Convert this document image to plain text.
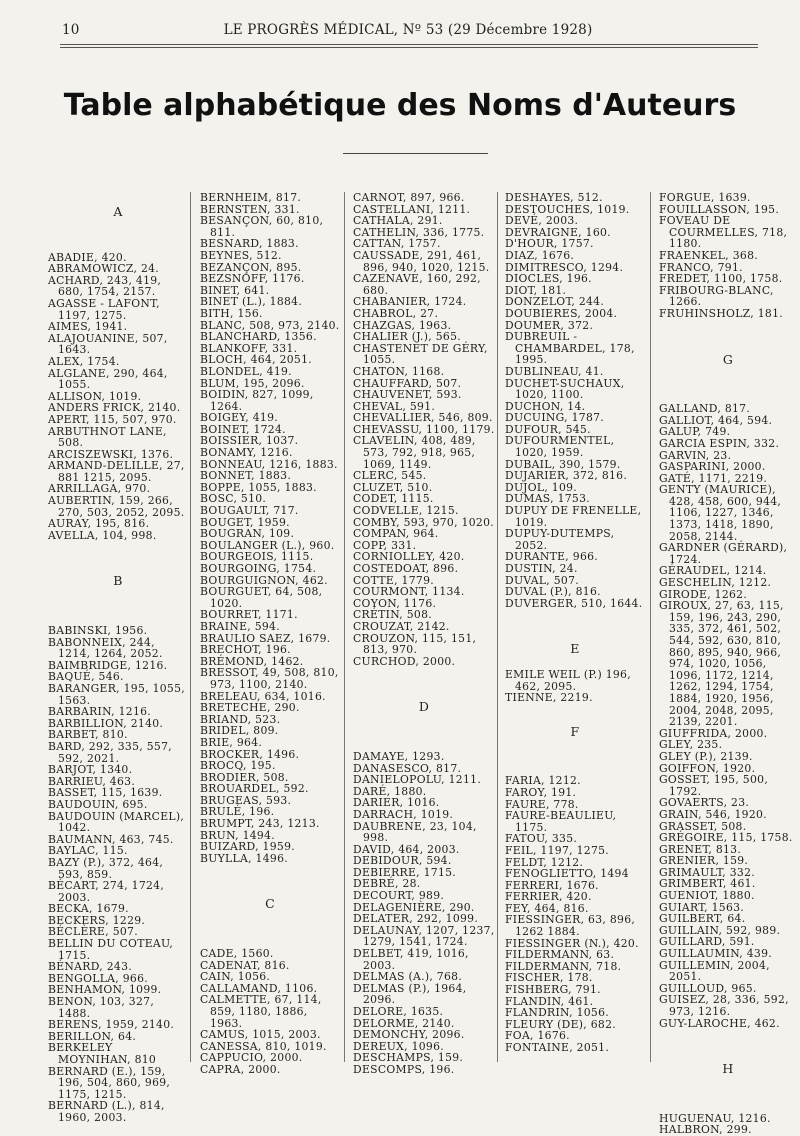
10	LE PROGRÈS MÉDICAL, Nº 53 (29 Décembre 1928)
Table alphabétique des Noms d'Auteurs

A

ABADIE, 420.

ABRAMOWICZ, 24.

ACHARD, 243, 419, 680, 1754, 2157.

AGASSE - LAFONT, 1197, 1275.

AIMES, 1941.

ALAJOUANINE, 507, 1643.

ALEX, 1754.

ALGLANE, 290, 464, 1055.

ALLISON, 1019.

ANDERS FRICK, 2140.

APERT, 115, 507, 970.

ARBUTHNOT LANE, 508.

ARCISZEWSKI, 1376.

ARMAND-DELILLE, 27, 881 1215, 2095.

ARRILLAGA, 970.

AUBERTIN, 159, 266, 270, 503, 2052, 2095.

AURAY, 195, 816.

AVELLA, 104, 998.

B

BABINSKI, 1956.

BABONNEIX, 244, 1214, 1264, 2052.

BAIMBRIDGE, 1216.

BAQUÉ, 546.

BARANGER, 195, 1055, 1563.

BARBARIN, 1216.

BARBILLION, 2140.

BARBET, 810.

BARD, 292, 335, 557, 592, 2021.

BARJOT, 1340.

BARRIEU, 463.

BASSET, 115, 1639.

BAUDOUIN, 695.

BAUDOUIN (MARCEL), 1042.

BAUMANN, 463, 745.

BAYLAC, 115.

BAZY (P.), 372, 464, 593, 859.

BÉCART, 274, 1724, 2003.

BECKA, 1679.

BECKERS, 1229.

BÉCLÈRE, 507.

BELLIN DU COTEAU, 1715.

BÉNARD, 243.

BENGOLLA, 966.

BENHAMON, 1099.

BENON, 103, 327, 1488.

BERENS, 1959, 2140.

BERILLON, 64.

BERKELEY MOYNIHAN, 810

BERNARD (E.), 159, 196, 504, 860, 969, 1175, 1215.

BERNARD (L.), 814, 1960, 2003.

BERNHEIM, 817.

BERNSTEN, 331.

BESANÇON, 60, 810, 811.

BESNARD, 1883.

BEYNES, 512.

BEZANÇON, 895.

BEZSNOFF, 1176.

BINET, 641.

BINET (L.), 1884.

BITH, 156.

BLANC, 508, 973, 2140.

BLANCHARD, 1356.

BLANKOFF, 331.

BLOCH, 464, 2051.

BLONDEL, 419.

BLUM, 195, 2096.

BOIDIN, 827, 1099, 1264.

BOIGEY, 419.

BOINET, 1724.

BOISSIER, 1037.

BONAMY, 1216.

BONNEAU, 1216, 1883.

BONNET, 1883.

BOPPE, 1055, 1883.

BOSC, 510.

BOUGAULT, 717.

BOUGET, 1959.

BOUGRAN, 109.

BOULANGER (L.), 960.

BOURGEOIS, 1115.

BOURGOING, 1754.

BOURGUIGNON, 462.

BOURGUET, 64, 508, 1020.

BOURRET, 1171.

BRAINE, 594.

BRAULIO SAEZ, 1679.

BRECHOT, 196.

BRÉMOND, 1462.

BRESSOT, 49, 508, 810, 973, 1100, 2140.

BRELEAU, 634, 1016.

BRETECHE, 290.

BRIAND, 523.

BRIDEL, 809.

BRIE, 964.

BROCKER, 1496.

BROCQ, 195.

BRODIER, 508.

BROUARDEL, 592.

BRUGEAS, 593.

BRULÉ, 196.

BRUMPT, 243, 1213.

BRUN, 1494.

BUIZARD, 1959.

BUYLLA, 1496.

C

CADE, 1560.

CADENAT, 816.

CAIN, 1056.

CALLAMAND, 1106.

CALMETTE, 67, 114, 859, 1180, 1886, 1963.

CAMUS, 1015, 2003.

CANESSA, 810, 1019.

CAPPUCIO, 2000.

CAPRA, 2000.

CARNOT, 897, 966.

CASTELLANI, 1211.

CATHALA, 291.

CATHELIN, 336, 1775.

CATTAN, 1757.

CAUSSADE, 291, 461, 896, 940, 1020, 1215.

CAZENAVE, 160, 292, 680.

CHABANIER, 1724.

CHABROL, 27.

CHAZGAS, 1963.

CHALIER (J.), 565.

CHASTENET DE GÉRY, 1055.

CHATON, 1168.

CHAUFFARD, 507.

CHAUVENET, 593.

CHEVAL, 591.

CHEVALLIER, 546, 809.

CHEVASSU, 1100, 1179.

CLAVELIN, 408, 489, 573, 792, 918, 965, 1069, 1149.

CLERC, 545.

CLUZET, 510.

CODET, 1115.

CODVELLE, 1215.

COMBY, 593, 970, 1020.

COMPAN, 964.

COPP, 331.

CORNIOLLEY, 420.

COSTEDOAT, 896.

COTTE, 1779.

COURMONT, 1134.

COYON, 1176.

CRÉTIN, 508.

CROUZAT, 2142.

CROUZON, 115, 151, 813, 970.

CURCHOD, 2000.

D

DAMAYE, 1293.

DANASESCO, 817.

DANIELOPOLU, 1211.

DARÉ, 1880.

DARIER, 1016.

DARRACH, 1019.

DAUBRENE, 23, 104, 998.

DAVID, 464, 2003.

DEBIDOUR, 594.

DEBIERRE, 1715.

DEBRÉ, 28.

DECOURT, 989.

DELAGENIÈRE, 290.

DELATER, 292, 1099.

DELAUNAY, 1207, 1237, 1279, 1541, 1724.

DELBET, 419, 1016, 2003.

DELMAS (A.), 768.

DELMAS (P.), 1964, 2096.

DELORE, 1635.

DELORME, 2140.

DEMONCHY, 2096.

DEREUX, 1096.

DESCHAMPS, 159.

DESCOMPS, 196.

DESHAYES, 512.

DESTOUCHES, 1019.

DEVÉ, 2003.

DEVRAIGNE, 160.

D'HOUR, 1757.

DIAZ, 1676.

DIMITRESCO, 1294.

DIOCLES, 196.

DIOT, 181.

DONZELOT, 244.

DOUBIERES, 2004.

DOUMER, 372.

DUBREUIL - CHAMBARDEL, 178, 1995.

DUBLINEAU, 41.

DUCHET-SUCHAUX, 1020, 1100.

DUCHON, 14.

DUCUING, 1787.

DUFOUR, 545.

DUFOURMENTEL, 1020, 1959.

DUBAIL, 390, 1579.

DUJARIER, 372, 816.

DUJOL, 109.

DUMAS, 1753.

DUPUY DE FRENELLE, 1019.

DUPUY-DUTEMPS, 2052.

DURANTE, 966.

DUSTIN, 24.

DUVAL, 507.

DUVAL (P.), 816.

DUVERGER, 510, 1644.

E

EMILE WEIL (P.) 196, 462, 2095.

TIENNE, 2219.

F

FARIA, 1212.

FAROY, 191.

FAURE, 778.

FAURE-BEAULIEU, 1175.

FATOU, 335.

FEIL, 1197, 1275.

FELDT, 1212.

FENOGLIETTO, 1494

FERRERI, 1676.

FERRIER, 420.

FEY, 464, 816.

FIESSINGER, 63, 896, 1262 1884.

FIESSINGER (N.), 420.

FILDERMANN, 63.

FILDERMANN, 718.

FISCHER, 178.

FISHBERG, 791.

FLANDIN, 461.

FLANDRIN, 1056.

FLEURY (DE), 682.

FOA, 1676.

FONTAINE, 2051.

FORGUE, 1639.

FOUILLASSON, 195.

FOVEAU DE COURMELLES, 718, 1180.

FRAENKEL, 368.

FRANCO, 791.

FREDET, 1100, 1758.

FRIBOURG-BLANC, 1266.

FRUHINSHOLZ, 181.

G

GALLAND, 817.

GALLIOT, 464, 594.

GALUP, 749.

GARCIA ESPIN, 332.

GARVIN, 23.

GASPARINI, 2000.

GATÉ, 1171, 2219.

GENTY (MAURICE), 428, 458, 600, 944, 1106, 1227, 1346, 1373, 1418, 1890, 2058, 2144.

GARDNER (GÉRARD), 1724.

GÉRAUDEL, 1214.

GESCHELIN, 1212.

GIRODE, 1262.

GIROUX, 27, 63, 115, 159, 196, 243, 290, 335, 372, 461, 502, 544, 592, 630, 810, 860, 895, 940, 966, 974, 1020, 1056, 1096, 1172, 1214, 1262, 1294, 1754, 1884, 1920, 1956, 2004, 2048, 2095, 2139, 2201.

GIUFFRIDA, 2000.

GLEY, 235.

GLEY (P.), 2139.

GOIFFON, 1920.

GOSSET, 195, 500, 1792.

GOVAERTS, 23.

GRAIN, 546, 1920.

GRASSET, 508.

GRÉGOIRE, 115, 1758.

GRENET, 813.

GRENIER, 159.

GRIMAULT, 332.

GRIMBERT, 461.

GUENIOT, 1880.

GUIART, 1563.

GUILBERT, 64.

GUILLAIN, 592, 989.

GUILLARD, 591.

GUILLAUMIN, 439.

GUILLEMIN, 2004, 2051.

GUILLOUD, 965.

GUISEZ, 28, 336, 592, 973, 1216.

GUY-LAROCHE, 462.

H

HUGUENAU, 1216.

HALBRON, 299.
